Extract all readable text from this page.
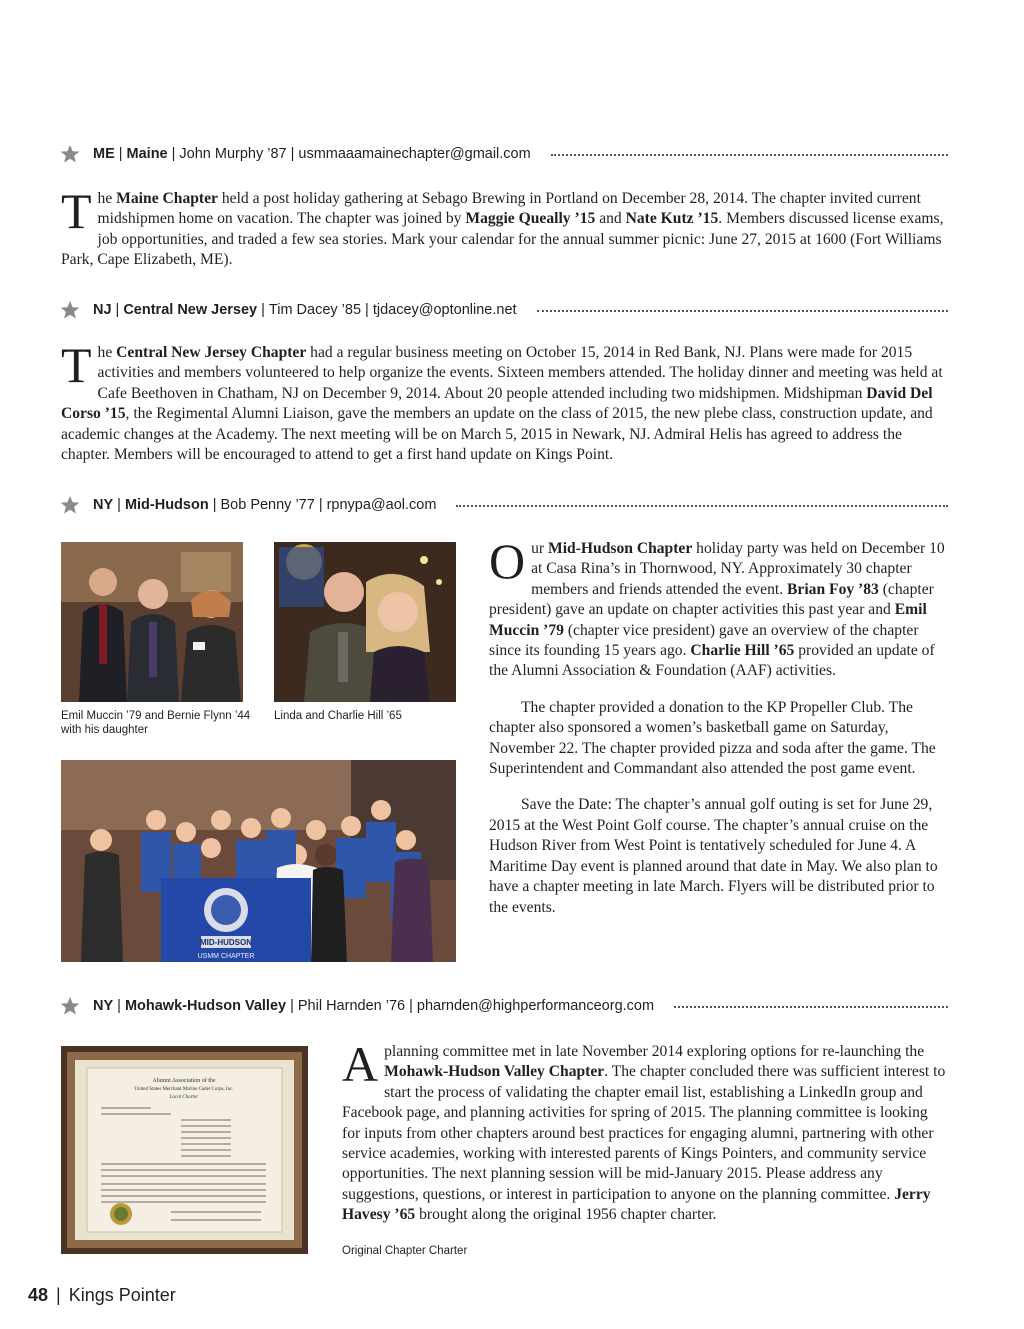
ME | Maine | John Murphy ’87 | usmmaaamainechapter@gmail.com

The Maine Chapter held a post holiday gathering at Sebago Brewing in Portland on December 28, 2014. The chapter invited current midshipmen home on vacation. The chapter was joined by Maggie Queally ’15 and Nate Kutz ’15. Members discussed license exams, job opportunities, and traded a few sea stories. Mark your calendar for the annual summer picnic: June 27, 2015 at 1600 (Fort Williams Park, Cape Elizabeth, ME).

NJ | Central New Jersey | Tim Dacey ’85 | tjdacey@optonline.net

The Central New Jersey Chapter had a regular business meeting on October 15, 2014 in Red Bank, NJ. Plans were made for 2015 activities and members volunteered to help organize the events. Sixteen members attended. The holiday dinner and meeting was held at Cafe Beethoven in Chatham, NJ on December 9, 2014. About 20 people attended including two midshipmen. Midshipman David Del Corso ’15, the Regimental Alumni Liaison, gave the members an update on the class of 2015, the new plebe class, construction update, and academic changes at the Academy. The next meeting will be on March 5, 2015 in Newark, NJ. Admiral Helis has agreed to address the chapter. Members will be encouraged to attend to get a first hand update on Kings Point.

NY | Mid-Hudson | Bob Penny ’77 | rpnypa@aol.com
Emil Muccin ’79 and Bernie Flynn ’44 with his daughter
Linda and Charlie Hill ’65
MID-HUDSON
USMM CHAPTER

Our Mid-Hudson Chapter holiday party was held on December 10 at Casa Rina’s in Thornwood, NY. Approximately 30 chapter members and friends attended the event. Brian Foy ’83 (chapter president) gave an update on chapter activities this past year and Emil Muccin ’79 (chapter vice president) gave an overview of the chapter since its founding 15 years ago. Charlie Hill ’65 provided an update of the Alumni Association & Foundation (AAF) activities.

The chapter provided a donation to the KP Propeller Club. The chapter also sponsored a women’s basketball game on Saturday, November 22. The chapter provided pizza and soda after the game. The Superintendent and Commandant also attended the post game event.

Save the Date: The chapter’s annual golf outing is set for June 29, 2015 at the West Point Golf course. The chapter’s annual cruise on the Hudson River from West Point is tentatively scheduled for June 4. A Maritime Day event is planned around that date in May. We also plan to have a chapter meeting in late March. Flyers will be distributed prior to the events.

NY | Mohawk-Hudson Valley | Phil Harnden ’76 | pharnden@highperformanceorg.com
Alumni Association of the
United States Merchant Marine Cadet Corps, Inc.
Local Charter

A planning committee met in late November 2014 exploring options for re-launching the Mohawk-Hudson Valley Chapter. The chapter concluded there was sufficient interest to start the process of validating the chapter email list, establishing a LinkedIn group and Facebook page, and planning activities for spring of 2015. The planning committee is looking for inputs from other chapters around best practices for engaging alumni, partnering with other service academies, working with interested parents of Kings Pointers, and community service opportunities. The next planning session will be mid-January 2015. Please address any suggestions, questions, or interest in participation to anyone on the planning committee. Jerry Havesy ’65 brought along the original 1956 chapter charter.

Original Chapter Charter
48 | Kings Pointer
